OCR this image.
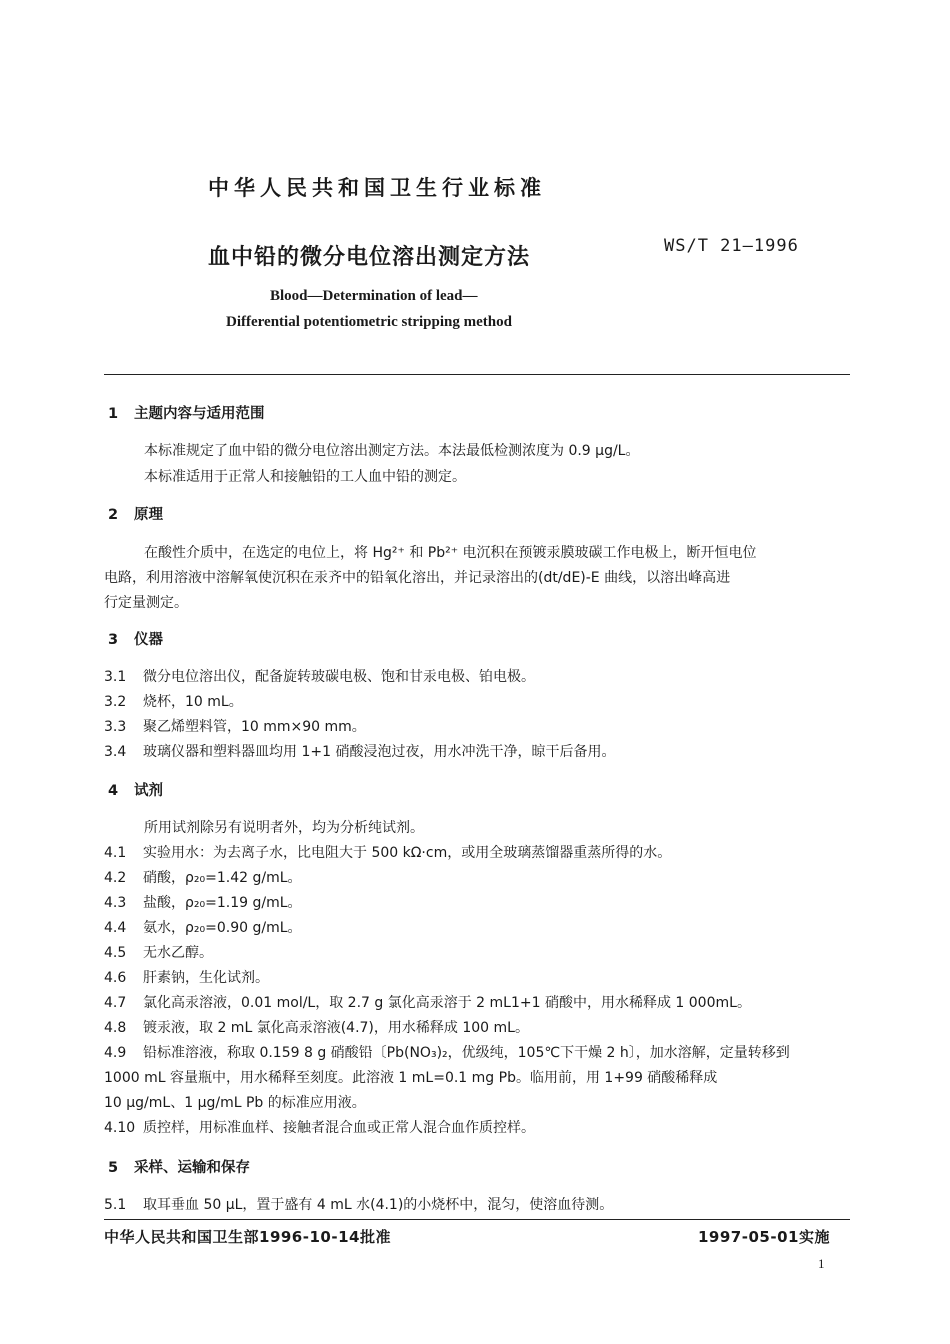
中华人民共和国卫生行业标准
血中铅的微分电位溶出测定方法	WS/T 21—1996
Blood—Determination of lead—
Differential potentiometric stripping method
1 主题内容与适用范围
本标准规定了血中铅的微分电位溶出测定方法。本法最低检测浓度为 0.9 μg/L。
本标准适用于正常人和接触铅的工人血中铅的测定。
2 原理
在酸性介质中，在选定的电位上，将 Hg²⁺ 和 Pb²⁺ 电沉积在预镀汞膜玻碳工作电极上，断开恒电位
电路，利用溶液中溶解氧使沉积在汞齐中的铅氧化溶出，并记录溶出的(dt/dE)-E 曲线，以溶出峰高进
行定量测定。
3 仪器
3.1 微分电位溶出仪，配备旋转玻碳电极、饱和甘汞电极、铂电极。
3.2 烧杯，10 mL。
3.3 聚乙烯塑料管，10 mm×90 mm。
3.4 玻璃仪器和塑料器皿均用 1+1 硝酸浸泡过夜，用水冲洗干净，晾干后备用。
4 试剂
所用试剂除另有说明者外，均为分析纯试剂。
4.1 实验用水：为去离子水，比电阻大于 500 kΩ·cm，或用全玻璃蒸馏器重蒸所得的水。
4.2 硝酸，ρ₂₀=1.42 g/mL。
4.3 盐酸，ρ₂₀=1.19 g/mL。
4.4 氨水，ρ₂₀=0.90 g/mL。
4.5 无水乙醇。
4.6 肝素钠，生化试剂。
4.7 氯化高汞溶液，0.01 mol/L，取 2.7 g 氯化高汞溶于 2 mL1+1 硝酸中，用水稀释成 1 000mL。
4.8 镀汞液，取 2 mL 氯化高汞溶液(4.7)，用水稀释成 100 mL。
4.9 铅标准溶液，称取 0.159 8 g 硝酸铅〔Pb(NO₃)₂，优级纯，105℃下干燥 2 h〕，加水溶解，定量转移到
1000 mL 容量瓶中，用水稀释至刻度。此溶液 1 mL=0.1 mg Pb。临用前，用 1+99 硝酸稀释成
10 μg/mL、1 μg/mL Pb 的标准应用液。
4.10 质控样，用标准血样、接触者混合血或正常人混合血作质控样。
5 采样、运输和保存
5.1 取耳垂血 50 μL，置于盛有 4 mL 水(4.1)的小烧杯中，混匀，使溶血待测。
中华人民共和国卫生部1996-10-14批准	1997-05-01实施
1
